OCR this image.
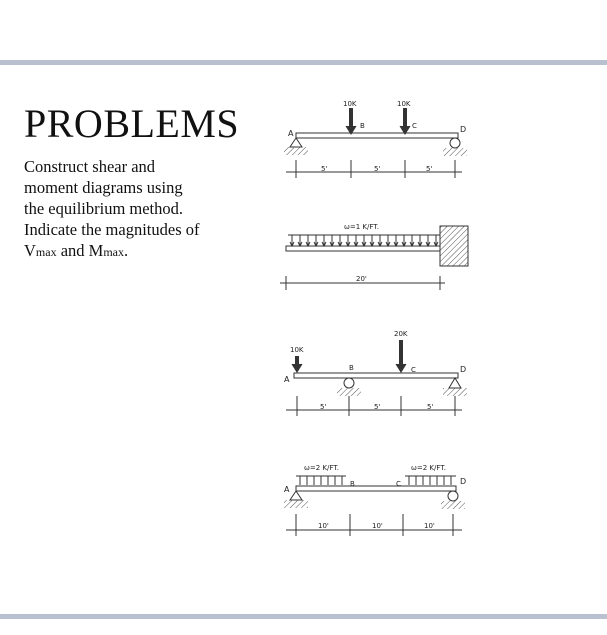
PROBLEMS
Construct shear and
moment diagrams using
the equilibrium method.
Indicate the magnitudes of
Vmax and Mmax.
10K	10K
A
B	C	D
5'	5'	5'
ω=1 K/FT.
20'
10K
20K
A
B	C	D
5'	5'	5'
ω=2 K/FT.	ω=2 K/FT.
A
B	C	D
10'	10'	10'
